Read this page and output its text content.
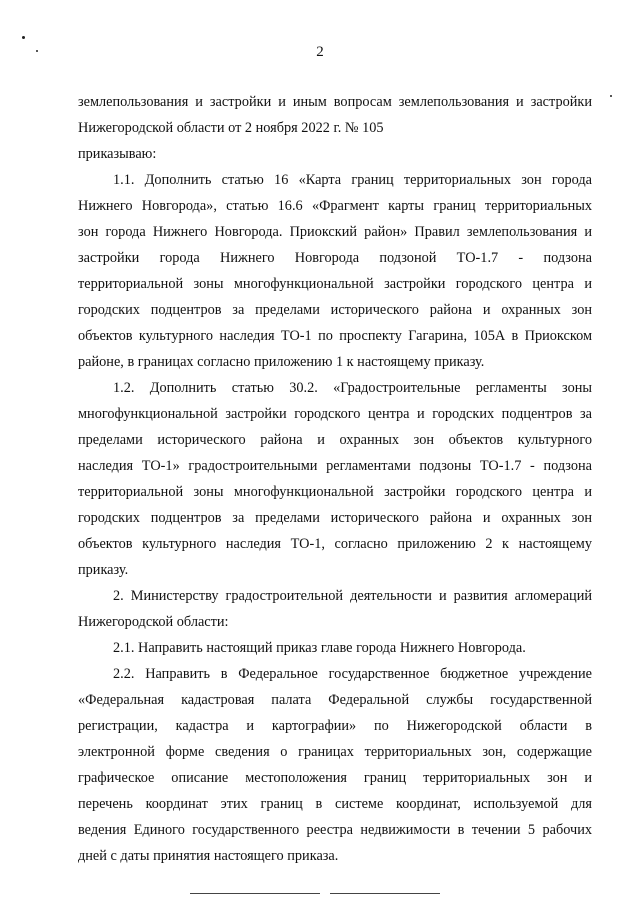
2
землепользования и застройки и иным вопросам землепользования и застройки
Нижегородской области от 2 ноября 2022 г. № 105
приказываю:
1.1. Дополнить статью 16 «Карта границ территориальных зон города
Нижнего Новгорода», статью 16.6 «Фрагмент карты границ территориальных
зон города Нижнего Новгорода. Приокский район» Правил землепользования и
застройки города Нижнего Новгорода подзоной ТО-1.7 - подзона
территориальной зоны многофункциональной застройки городского центра и
городских подцентров за пределами исторического района и охранных зон
объектов культурного наследия ТО-1 по проспекту Гагарина, 105А в Приокском
районе, в границах согласно приложению 1 к настоящему приказу.
1.2. Дополнить статью 30.2. «Градостроительные регламенты зоны
многофункциональной застройки городского центра и городских подцентров за
пределами исторического района и охранных зон объектов культурного
наследия ТО-1» градостроительными регламентами подзоны ТО-1.7 - подзона
территориальной зоны многофункциональной застройки городского центра и
городских подцентров за пределами исторического района и охранных зон
объектов культурного наследия ТО-1, согласно приложению 2 к настоящему
приказу.
2. Министерству градостроительной деятельности и развития агломераций
Нижегородской области:
2.1. Направить настоящий приказ главе города Нижнего Новгорода.
2.2. Направить в Федеральное государственное бюджетное учреждение
«Федеральная кадастровая палата Федеральной службы государственной
регистрации, кадастра и картографии» по Нижегородской области в
электронной форме сведения о границах территориальных зон, содержащие
графическое описание местоположения границ территориальных зон и
перечень координат этих границ в системе координат, используемой для
ведения Единого государственного реестра недвижимости в течении 5 рабочих
дней с даты принятия настоящего приказа.
